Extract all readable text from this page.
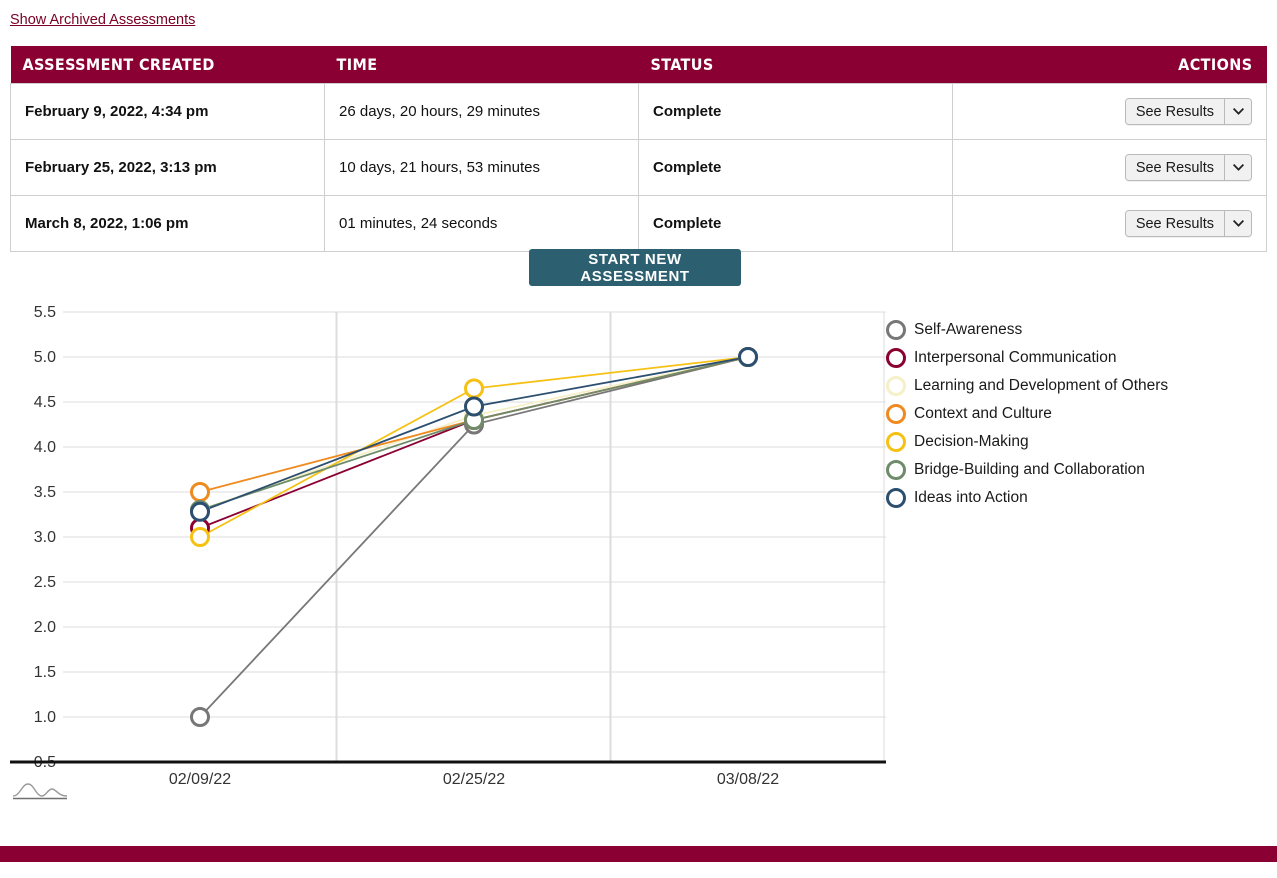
Show Archived Assessments
ASSESSMENT CREATED	TIME	STATUS	ACTIONS
February 9, 2022, 4:34 pm	26 days, 20 hours, 29 minutes	Complete	See Results

February 25, 2022, 3:13 pm	10 days, 21 hours, 53 minutes	Complete	See Results

March 8, 2022, 1:06 pm	01 minutes, 24 seconds	Complete	See Results
START NEW ASSESSMENT
0.5
1.0
1.5
2.0
2.5
3.0
3.5
4.0
4.5
5.0
5.5
02/09/22	02/25/22	03/08/22
Self-Awareness
Interpersonal Communication
Learning and Development of Others
Context and Culture
Decision-Making
Bridge-Building and Collaboration
Ideas into Action
